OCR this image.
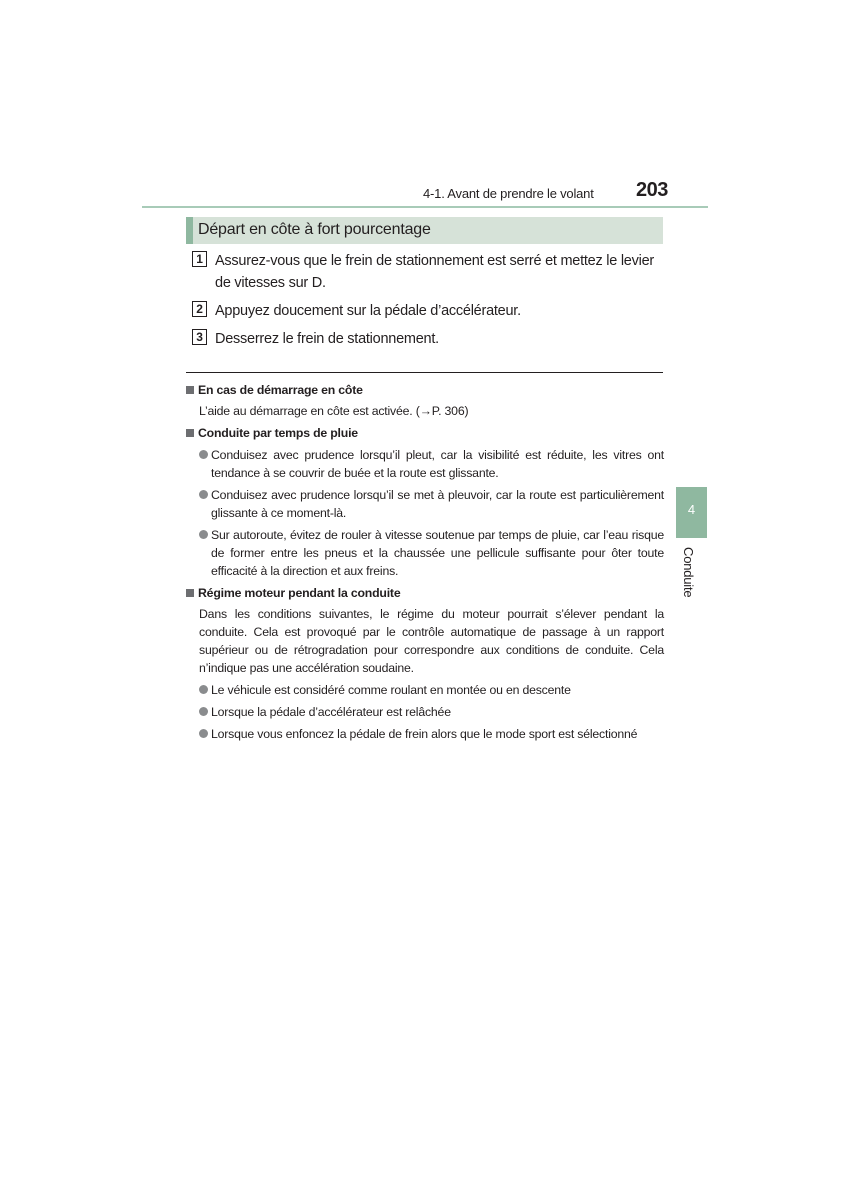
4-1. Avant de prendre le volant 203
Départ en côte à fort pourcentage
1 Assurez-vous que le frein de stationnement est serré et mettez le levier de vitesses sur D.
2 Appuyez doucement sur la pédale d’accélérateur.
3 Desserrez le frein de stationnement.
En cas de démarrage en côte
L’aide au démarrage en côte est activée. (→P. 306)
Conduite par temps de pluie
Conduisez avec prudence lorsqu’il pleut, car la visibilité est réduite, les vitres ont tendance à se couvrir de buée et la route est glissante.
Conduisez avec prudence lorsqu’il se met à pleuvoir, car la route est particulièrement glissante à ce moment-là.
Sur autoroute, évitez de rouler à vitesse soutenue par temps de pluie, car l’eau risque de former entre les pneus et la chaussée une pellicule suffisante pour ôter toute efficacité à la direction et aux freins.
Régime moteur pendant la conduite
Dans les conditions suivantes, le régime du moteur pourrait s’élever pendant la conduite. Cela est provoqué par le contrôle automatique de passage à un rapport supérieur ou de rétrogradation pour correspondre aux conditions de conduite. Cela n’indique pas une accélération soudaine.
Le véhicule est considéré comme roulant en montée ou en descente
Lorsque la pédale d’accélérateur est relâchée
Lorsque vous enfoncez la pédale de frein alors que le mode sport est sélectionné
4
Conduite
